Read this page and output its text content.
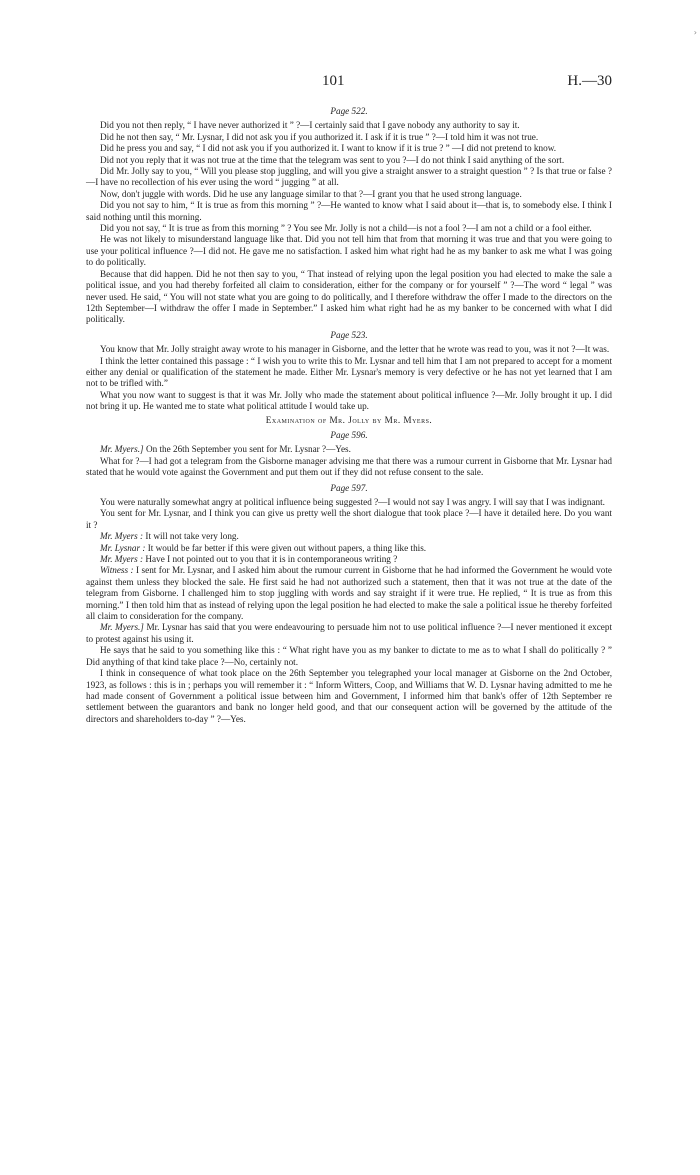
›
101	H.—30
Page 522.

Did you not then reply, “ I have never authorized it ” ?—I certainly said that I gave nobody any authority to say it.

Did he not then say, “ Mr. Lysnar, I did not ask you if you authorized it. I ask if it is true ” ?—I told him it was not true.

Did he press you and say, “ I did not ask you if you authorized it. I want to know if it is true ? ” —I did not pretend to know.

Did not you reply that it was not true at the time that the telegram was sent to you ?—I do not think I said anything of the sort.

Did Mr. Jolly say to you, “ Will you please stop juggling, and will you give a straight answer to a straight question ” ? Is that true or false ?—I have no recollection of his ever using the word “ jugging ” at all.

Now, don't juggle with words. Did he use any language similar to that ?—I grant you that he used strong language.

Did you not say to him, “ It is true as from this morning ” ?—He wanted to know what I said about it—that is, to somebody else. I think I said nothing until this morning.

Did you not say, “ It is true as from this morning ” ? You see Mr. Jolly is not a child—is not a fool ?—I am not a child or a fool either.

He was not likely to misunderstand language like that. Did you not tell him that from that morning it was true and that you were going to use your political influence ?—I did not. He gave me no satisfaction. I asked him what right had he as my banker to ask me what I was going to do politically.

Because that did happen. Did he not then say to you, “ That instead of relying upon the legal position you had elected to make the sale a political issue, and you had thereby forfeited all claim to consideration, either for the company or for yourself ” ?—The word “ legal ” was never used. He said, “ You will not state what you are going to do politically, and I therefore withdraw the offer I made to the directors on the 12th September—I withdraw the offer I made in September.” I asked him what right had he as my banker to be concerned with what I did politically.

Page 523.

You know that Mr. Jolly straight away wrote to his manager in Gisborne, and the letter that he wrote was read to you, was it not ?—It was.

I think the letter contained this passage : “ I wish you to write this to Mr. Lysnar and tell him that I am not prepared to accept for a moment either any denial or qualification of the statement he made. Either Mr. Lysnar's memory is very defective or he has not yet learned that I am not to be trifled with.”

What you now want to suggest is that it was Mr. Jolly who made the statement about political influence ?—Mr. Jolly brought it up. I did not bring it up. He wanted me to state what political attitude I would take up.

Examination of Mr. Jolly by Mr. Myers.
Page 596.

Mr. Myers.] On the 26th September you sent for Mr. Lysnar ?—Yes.

What for ?—I had got a telegram from the Gisborne manager advising me that there was a rumour current in Gisborne that Mr. Lysnar had stated that he would vote against the Government and put them out if they did not refuse consent to the sale.

Page 597.

You were naturally somewhat angry at political influence being suggested ?—I would not say I was angry. I will say that I was indignant.

You sent for Mr. Lysnar, and I think you can give us pretty well the short dialogue that took place ?—I have it detailed here. Do you want it ?

Mr. Myers : It will not take very long.

Mr. Lysnar : It would be far better if this were given out without papers, a thing like this.

Mr. Myers : Have I not pointed out to you that it is in contemporaneous writing ?

Witness : I sent for Mr. Lysnar, and I asked him about the rumour current in Gisborne that he had informed the Government he would vote against them unless they blocked the sale. He first said he had not authorized such a statement, then that it was not true at the date of the telegram from Gisborne. I challenged him to stop juggling with words and say straight if it were true. He replied, “ It is true as from this morning.” I then told him that as instead of relying upon the legal position he had elected to make the sale a political issue he thereby forfeited all claim to consideration for the company.

Mr. Myers.] Mr. Lysnar has said that you were endeavouring to persuade him not to use political influence ?—I never mentioned it except to protest against his using it.

He says that he said to you something like this : “ What right have you as my banker to dictate to me as to what I shall do politically ? ” Did anything of that kind take place ?—No, certainly not.

I think in consequence of what took place on the 26th September you telegraphed your local manager at Gisborne on the 2nd October, 1923, as follows : this is in ; perhaps you will remember it : “ Inform Witters, Coop, and Williams that W. D. Lysnar having admitted to me he had made consent of Government a political issue between him and Government, I informed him that bank's offer of 12th September re settlement between the guarantors and bank no longer held good, and that our consequent action will be governed by the attitude of the directors and shareholders to-day ” ?—Yes.
